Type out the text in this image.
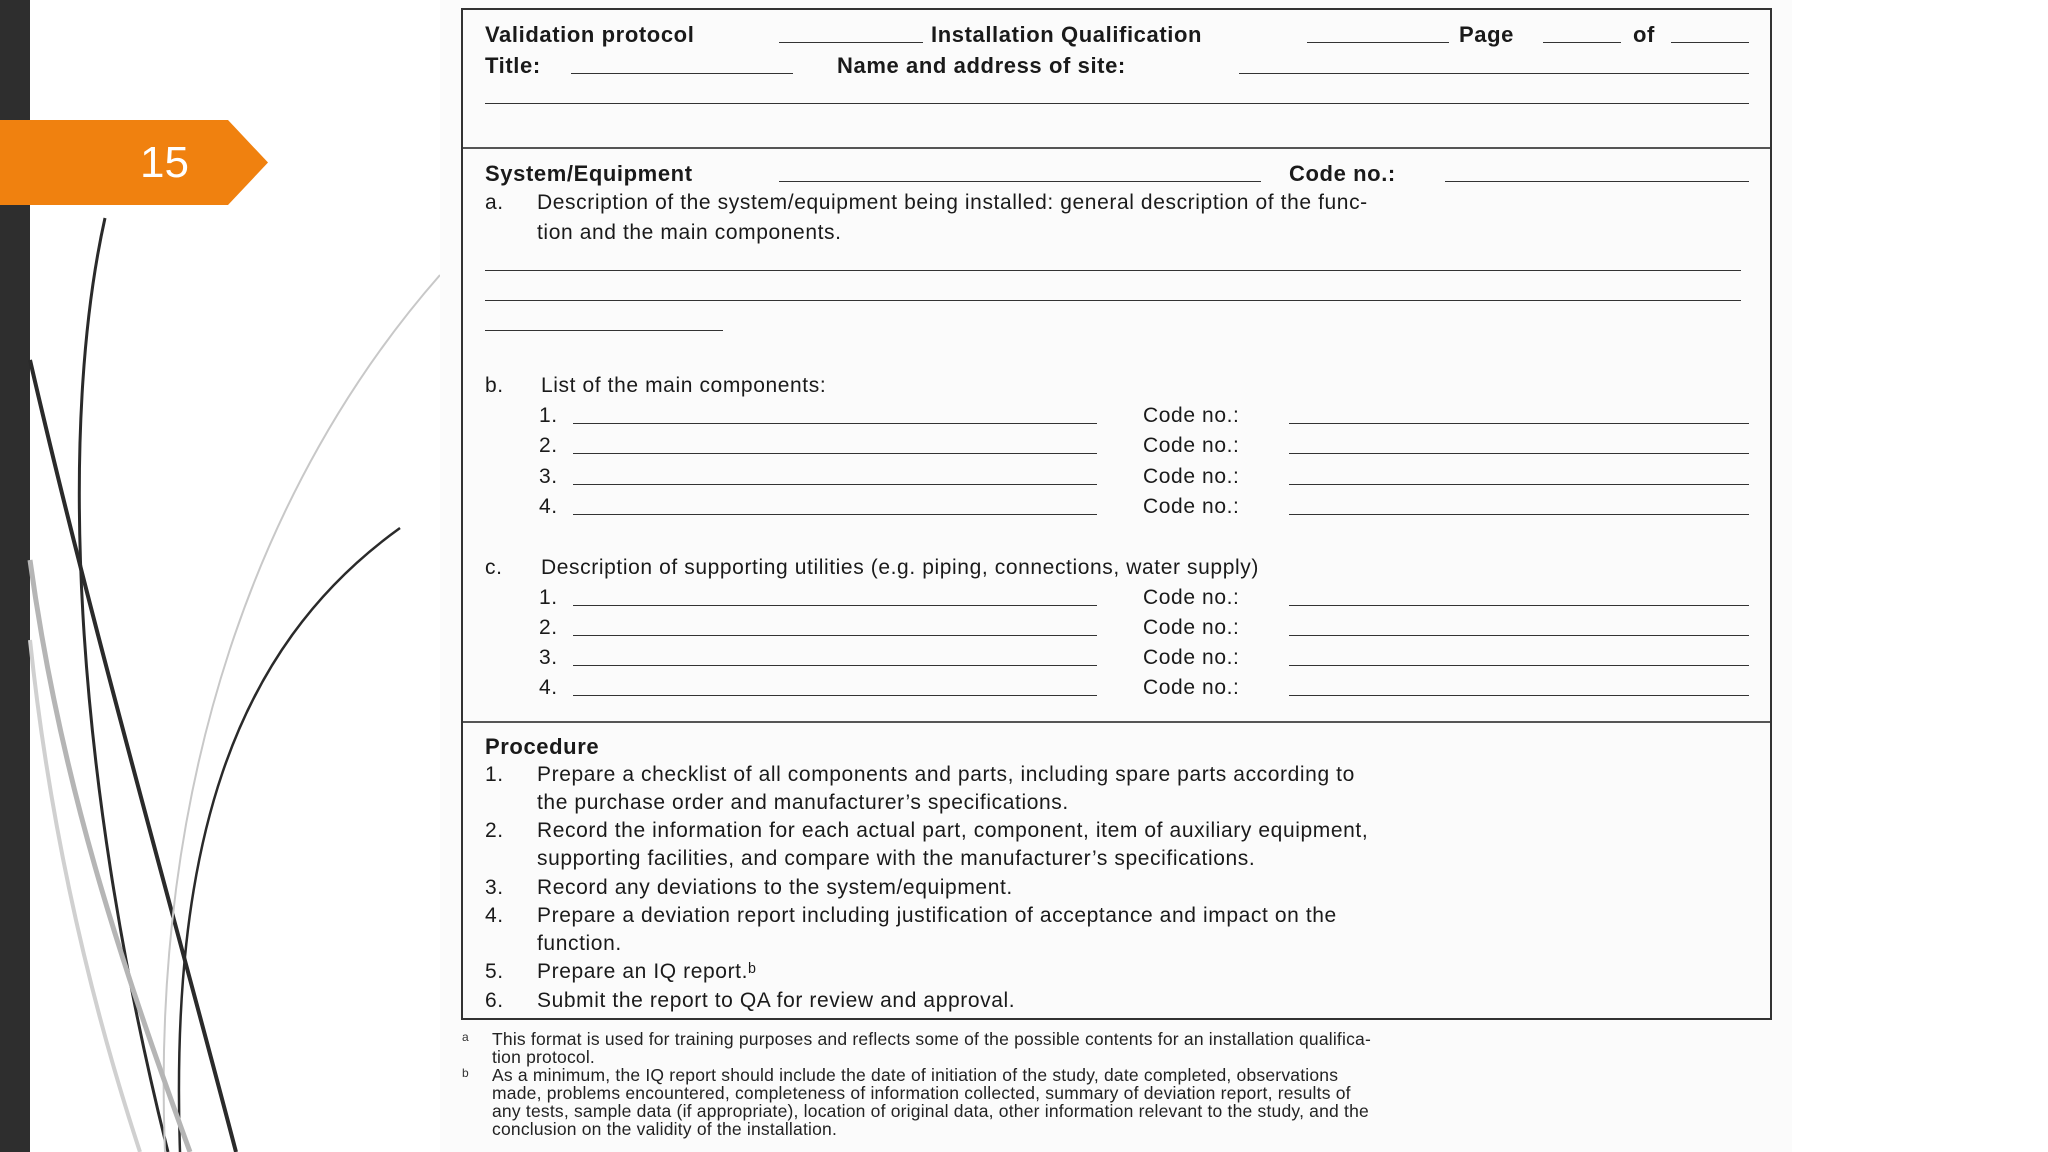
15
Validation protocol	Installation Qualification	Page	of
Title:	Name and address of site:
System/Equipment	Code no.:
a. Description of the system/equipment being installed: general description of the func-
tion and the main components.
b. List of the main components:
1.	Code no.:
2.	Code no.:
3.	Code no.:
4.	Code no.:
c. Description of supporting utilities (e.g. piping, connections, water supply)
1.	Code no.:
2.	Code no.:
3.	Code no.:
4.	Code no.:
Procedure
1. Prepare a checklist of all components and parts, including spare parts according to
the purchase order and manufacturer’s specifications.
2. Record the information for each actual part, component, item of auxiliary equipment,
supporting facilities, and compare with the manufacturer’s specifications.
3. Record any deviations to the system/equipment.
4. Prepare a deviation report including justification of acceptance and impact on the
function.
5. Prepare an IQ report.ᵇ
6. Submit the report to QA for review and approval.
a This format is used for training purposes and reflects some of the possible contents for an installation qualifica-
tion protocol.
b As a minimum, the IQ report should include the date of initiation of the study, date completed, observations
made, problems encountered, completeness of information collected, summary of deviation report, results of
any tests, sample data (if appropriate), location of original data, other information relevant to the study, and the
conclusion on the validity of the installation.
